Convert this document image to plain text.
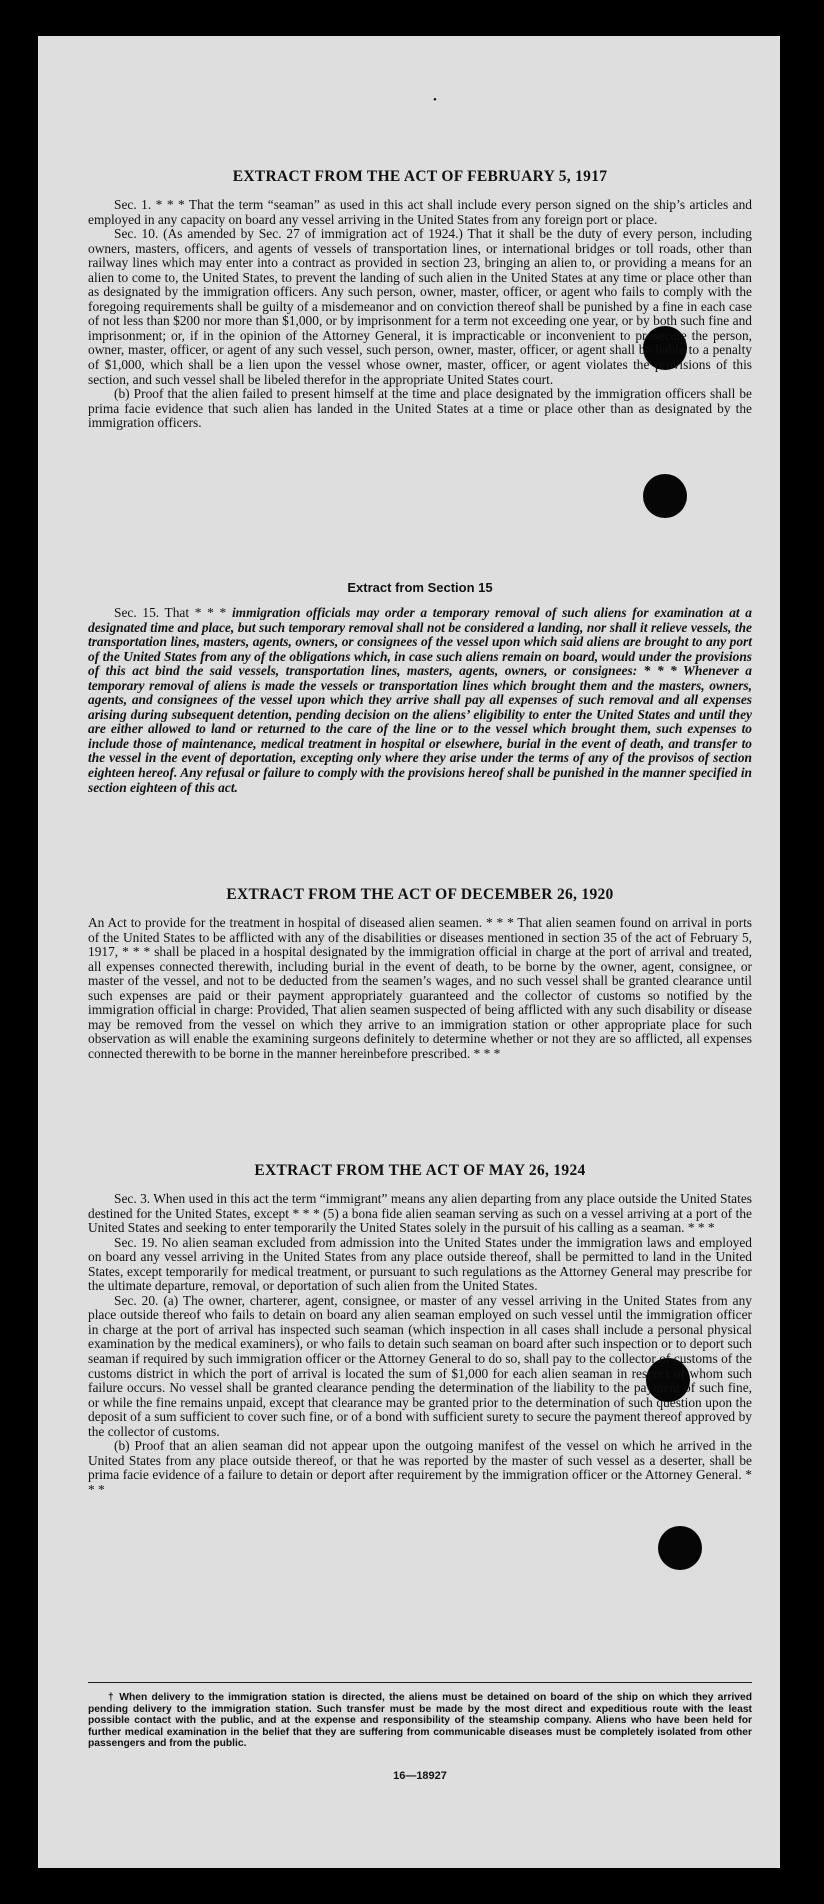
•
EXTRACT FROM THE ACT OF FEBRUARY 5, 1917

Sec. 1. * * * That the term “seaman” as used in this act shall include every person signed on the ship’s articles and employed in any capacity on board any vessel arriving in the United States from any foreign port or place.

Sec. 10. (As amended by Sec. 27 of immigration act of 1924.) That it shall be the duty of every person, including owners, masters, officers, and agents of vessels of transportation lines, or international bridges or toll roads, other than railway lines which may enter into a contract as provided in section 23, bringing an alien to, or providing a means for an alien to come to, the United States, to prevent the landing of such alien in the United States at any time or place other than as designated by the immigration officers. Any such person, owner, master, officer, or agent who fails to comply with the foregoing requirements shall be guilty of a misdemeanor and on conviction thereof shall be punished by a fine in each case of not less than $200 nor more than $1,000, or by imprisonment for a term not exceeding one year, or by both such fine and imprisonment; or, if in the opinion of the Attorney General, it is impracticable or inconvenient to prosecute the person, owner, master, officer, or agent of any such vessel, such person, owner, master, officer, or agent shall be liable to a penalty of $1,000, which shall be a lien upon the vessel whose owner, master, officer, or agent violates the provisions of this section, and such vessel shall be libeled therefor in the appropriate United States court.

(b) Proof that the alien failed to present himself at the time and place designated by the immigration officers shall be prima facie evidence that such alien has landed in the United States at a time or place other than as designated by the immigration officers.

Extract from Section 15

Sec. 15. That * * * immigration officials may order a temporary removal of such aliens for examination at a designated time and place, but such temporary removal shall not be considered a landing, nor shall it relieve vessels, the transportation lines, masters, agents, owners, or consignees of the vessel upon which said aliens are brought to any port of the United States from any of the obligations which, in case such aliens remain on board, would under the provisions of this act bind the said vessels, transportation lines, masters, agents, owners, or consignees: * * * Whenever a temporary removal of aliens is made the vessels or transportation lines which brought them and the masters, owners, agents, and consignees of the vessel upon which they arrive shall pay all expenses of such removal and all expenses arising during subsequent detention, pending decision on the aliens’ eligibility to enter the United States and until they are either allowed to land or returned to the care of the line or to the vessel which brought them, such expenses to include those of maintenance, medical treatment in hospital or elsewhere, burial in the event of death, and transfer to the vessel in the event of deportation, excepting only where they arise under the terms of any of the provisos of section eighteen hereof. Any refusal or failure to comply with the provisions hereof shall be punished in the manner specified in section eighteen of this act.

EXTRACT FROM THE ACT OF DECEMBER 26, 1920

An Act to provide for the treatment in hospital of diseased alien seamen. * * * That alien seamen found on arrival in ports of the United States to be afflicted with any of the disabilities or diseases mentioned in section 35 of the act of February 5, 1917, * * * shall be placed in a hospital designated by the immigration official in charge at the port of arrival and treated, all expenses connected therewith, including burial in the event of death, to be borne by the owner, agent, consignee, or master of the vessel, and not to be deducted from the seamen’s wages, and no such vessel shall be granted clearance until such expenses are paid or their payment appropriately guaranteed and the collector of customs so notified by the immigration official in charge: Provided, That alien seamen suspected of being afflicted with any such disability or disease may be removed from the vessel on which they arrive to an immigration station or other appropriate place for such observation as will enable the examining surgeons definitely to determine whether or not they are so afflicted, all expenses connected therewith to be borne in the manner hereinbefore prescribed. * * *

EXTRACT FROM THE ACT OF MAY 26, 1924

Sec. 3. When used in this act the term “immigrant” means any alien departing from any place outside the United States destined for the United States, except * * * (5) a bona fide alien seaman serving as such on a vessel arriving at a port of the United States and seeking to enter temporarily the United States solely in the pursuit of his calling as a seaman. * * *

Sec. 19. No alien seaman excluded from admission into the United States under the immigration laws and employed on board any vessel arriving in the United States from any place outside thereof, shall be permitted to land in the United States, except temporarily for medical treatment, or pursuant to such regulations as the Attorney General may prescribe for the ultimate departure, removal, or deportation of such alien from the United States.

Sec. 20. (a) The owner, charterer, agent, consignee, or master of any vessel arriving in the United States from any place outside thereof who fails to detain on board any alien seaman employed on such vessel until the immigration officer in charge at the port of arrival has inspected such seaman (which inspection in all cases shall include a personal physical examination by the medical examiners), or who fails to detain such seaman on board after such inspection or to deport such seaman if required by such immigration officer or the Attorney General to do so, shall pay to the collector of customs of the customs district in which the port of arrival is located the sum of $1,000 for each alien seaman in respect of whom such failure occurs. No vessel shall be granted clearance pending the determination of the liability to the payment of such fine, or while the fine remains unpaid, except that clearance may be granted prior to the determination of such question upon the deposit of a sum sufficient to cover such fine, or of a bond with sufficient surety to secure the payment thereof approved by the collector of customs.

(b) Proof that an alien seaman did not appear upon the outgoing manifest of the vessel on which he arrived in the United States from any place outside thereof, or that he was reported by the master of such vessel as a deserter, shall be prima facie evidence of a failure to detain or deport after requirement by the immigration officer or the Attorney General. * * *

† When delivery to the immigration station is directed, the aliens must be detained on board of the ship on which they arrived pending delivery to the immigration station. Such transfer must be made by the most direct and expeditious route with the least possible contact with the public, and at the expense and responsibility of the steamship company. Aliens who have been held for further medical examination in the belief that they are suffering from communicable diseases must be completely isolated from other passengers and from the public.

16—18927
